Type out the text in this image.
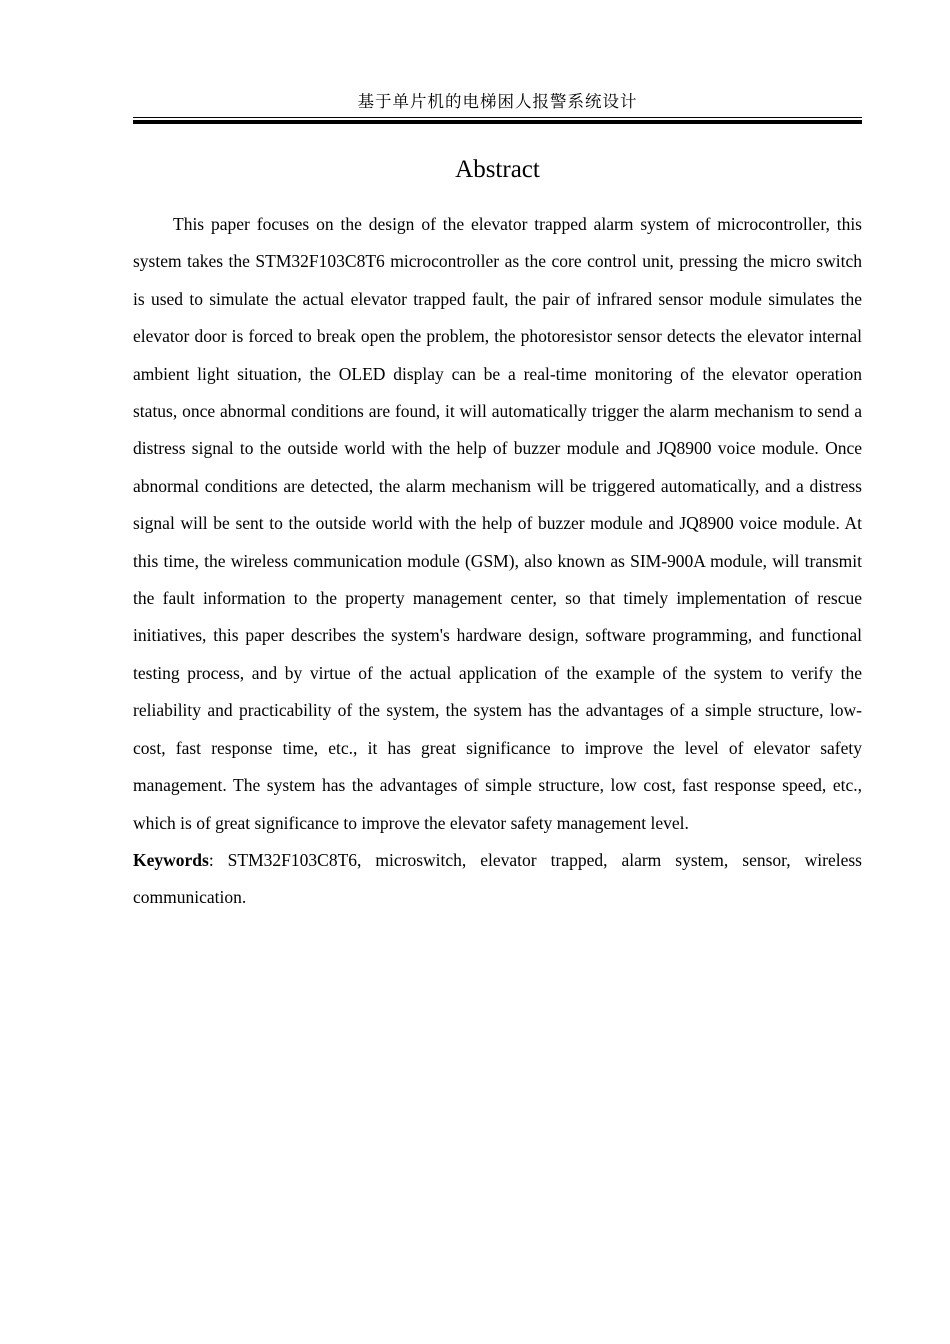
基于单片机的电梯困人报警系统设计
Abstract

This paper focuses on the design of the elevator trapped alarm system of microcontroller, this system takes the STM32F103C8T6 microcontroller as the core control unit, pressing the micro switch is used to simulate the actual elevator trapped fault, the pair of infrared sensor module simulates the elevator door is forced to break open the problem, the photoresistor sensor detects the elevator internal ambient light situation, the OLED display can be a real-time monitoring of the elevator operation status, once abnormal conditions are found, it will automatically trigger the alarm mechanism to send a distress signal to the outside world with the help of buzzer module and JQ8900 voice module. Once abnormal conditions are detected, the alarm mechanism will be triggered automatically, and a distress signal will be sent to the outside world with the help of buzzer module and JQ8900 voice module. At this time, the wireless communication module (GSM), also known as SIM-900A module, will transmit the fault information to the property management center, so that timely implementation of rescue initiatives, this paper describes the system's hardware design, software programming, and functional testing process, and by virtue of the actual application of the example of the system to verify the reliability and practicability of the system, the system has the advantages of a simple structure, low-cost, fast response time, etc., it has great significance to improve the level of elevator safety management. The system has the advantages of simple structure, low cost, fast response speed, etc., which is of great significance to improve the elevator safety management level.

Keywords: STM32F103C8T6, microswitch, elevator trapped, alarm system, sensor, wireless communication.
